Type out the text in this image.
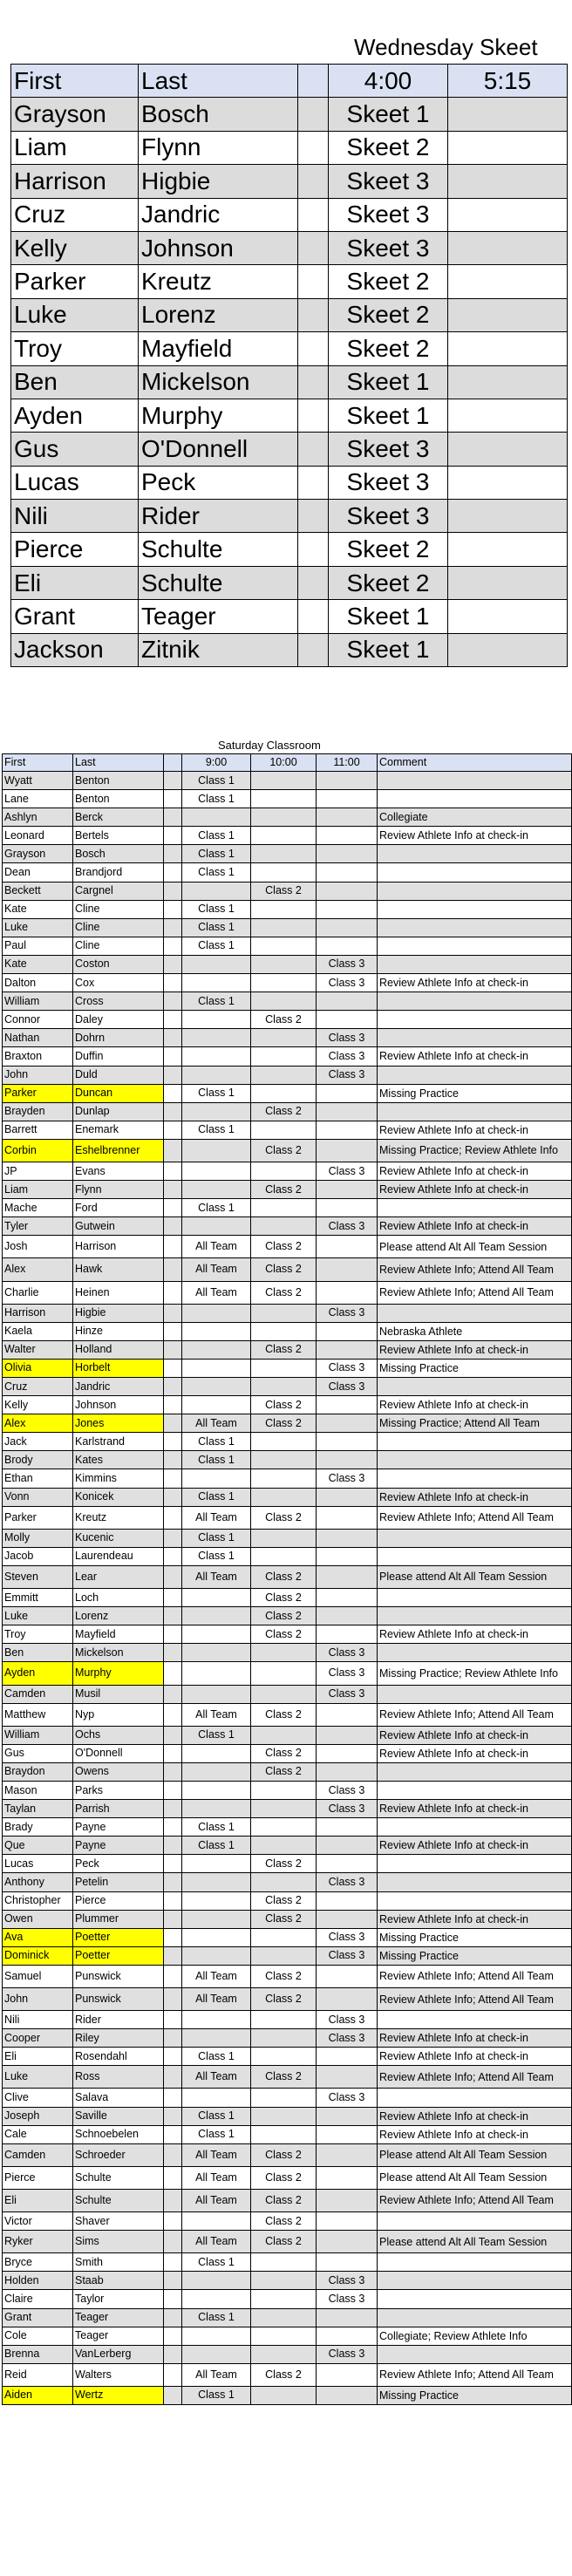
Wednesday Skeet
First	Last		4:00	5:15
Grayson	Bosch		Skeet 1	
Liam	Flynn		Skeet 2	
Harrison	Higbie		Skeet 3	
Cruz	Jandric		Skeet 3	
Kelly	Johnson		Skeet 3	
Parker	Kreutz		Skeet 2	
Luke	Lorenz		Skeet 2	
Troy	Mayfield		Skeet 2	
Ben	Mickelson		Skeet 1	
Ayden	Murphy		Skeet 1	
Gus	O'Donnell		Skeet 3	
Lucas	Peck		Skeet 3	
Nili	Rider		Skeet 3	
Pierce	Schulte		Skeet 2	
Eli	Schulte		Skeet 2	
Grant	Teager		Skeet 1	
Jackson	Zitnik		Skeet 1	
Saturday Classroom
First	Last		9:00	10:00	11:00	Comment
Wyatt	Benton		Class 1			
Lane	Benton		Class 1			
Ashlyn	Berck					Collegiate
Leonard	Bertels		Class 1			Review Athlete Info at check-in
Grayson	Bosch		Class 1			
Dean	Brandjord		Class 1			
Beckett	Cargnel			Class 2		
Kate	Cline		Class 1			
Luke	Cline		Class 1			
Paul	Cline		Class 1			
Kate	Coston				Class 3	
Dalton	Cox				Class 3	Review Athlete Info at check-in
William	Cross		Class 1			
Connor	Daley			Class 2		
Nathan	Dohrn				Class 3	
Braxton	Duffin				Class 3	Review Athlete Info at check-in
John	Duld				Class 3	
Parker	Duncan		Class 1			Missing Practice
Brayden	Dunlap			Class 2		
Barrett	Enemark		Class 1			Review Athlete Info at check-in
Corbin	Eshelbrenner			Class 2		Missing Practice; Review Athlete Info
JP	Evans				Class 3	Review Athlete Info at check-in
Liam	Flynn			Class 2		Review Athlete Info at check-in
Mache	Ford		Class 1			
Tyler	Gutwein				Class 3	Review Athlete Info at check-in
Josh	Harrison		All Team	Class 2		Please attend Alt All Team Session
Alex	Hawk		All Team	Class 2		Review Athlete Info; Attend All Team
Charlie	Heinen		All Team	Class 2		Review Athlete Info; Attend All Team
Harrison	Higbie				Class 3	
Kaela	Hinze					Nebraska Athlete
Walter	Holland			Class 2		Review Athlete Info at check-in
Olivia	Horbelt				Class 3	Missing Practice
Cruz	Jandric				Class 3	
Kelly	Johnson			Class 2		Review Athlete Info at check-in
Alex	Jones		All Team	Class 2		Missing Practice; Attend All Team
Jack	Karlstrand		Class 1			
Brody	Kates		Class 1			
Ethan	Kimmins				Class 3	
Vonn	Konicek		Class 1			Review Athlete Info at check-in
Parker	Kreutz		All Team	Class 2		Review Athlete Info; Attend All Team
Molly	Kucenic		Class 1			
Jacob	Laurendeau		Class 1			
Steven	Lear		All Team	Class 2		Please attend Alt All Team Session
Emmitt	Loch			Class 2		
Luke	Lorenz			Class 2		
Troy	Mayfield			Class 2		Review Athlete Info at check-in
Ben	Mickelson				Class 3	
Ayden	Murphy				Class 3	Missing Practice; Review Athlete Info
Camden	Musil				Class 3	
Matthew	Nyp		All Team	Class 2		Review Athlete Info; Attend All Team
William	Ochs		Class 1			Review Athlete Info at check-in
Gus	O'Donnell			Class 2		Review Athlete Info at check-in
Braydon	Owens			Class 2		
Mason	Parks				Class 3	
Taylan	Parrish				Class 3	Review Athlete Info at check-in
Brady	Payne		Class 1			
Que	Payne		Class 1			Review Athlete Info at check-in
Lucas	Peck			Class 2		
Anthony	Petelin				Class 3	
Christopher	Pierce			Class 2		
Owen	Plummer			Class 2		Review Athlete Info at check-in
Ava	Poetter				Class 3	Missing Practice
Dominick	Poetter				Class 3	Missing Practice
Samuel	Punswick		All Team	Class 2		Review Athlete Info; Attend All Team
John	Punswick		All Team	Class 2		Review Athlete Info; Attend All Team
Nili	Rider				Class 3	
Cooper	Riley				Class 3	Review Athlete Info at check-in
Eli	Rosendahl		Class 1			Review Athlete Info at check-in
Luke	Ross		All Team	Class 2		Review Athlete Info; Attend All Team
Clive	Salava				Class 3	
Joseph	Saville		Class 1			Review Athlete Info at check-in
Cale	Schnoebelen		Class 1			Review Athlete Info at check-in
Camden	Schroeder		All Team	Class 2		Please attend Alt All Team Session
Pierce	Schulte		All Team	Class 2		Please attend Alt All Team Session
Eli	Schulte		All Team	Class 2		Review Athlete Info; Attend All Team
Victor	Shaver			Class 2		
Ryker	Sims		All Team	Class 2		Please attend Alt All Team Session
Bryce	Smith		Class 1			
Holden	Staab				Class 3	
Claire	Taylor				Class 3	
Grant	Teager		Class 1			
Cole	Teager					Collegiate; Review Athlete Info
Brenna	VanLerberg				Class 3	
Reid	Walters		All Team	Class 2		Review Athlete Info; Attend All Team
Aiden	Wertz		Class 1			Missing Practice
